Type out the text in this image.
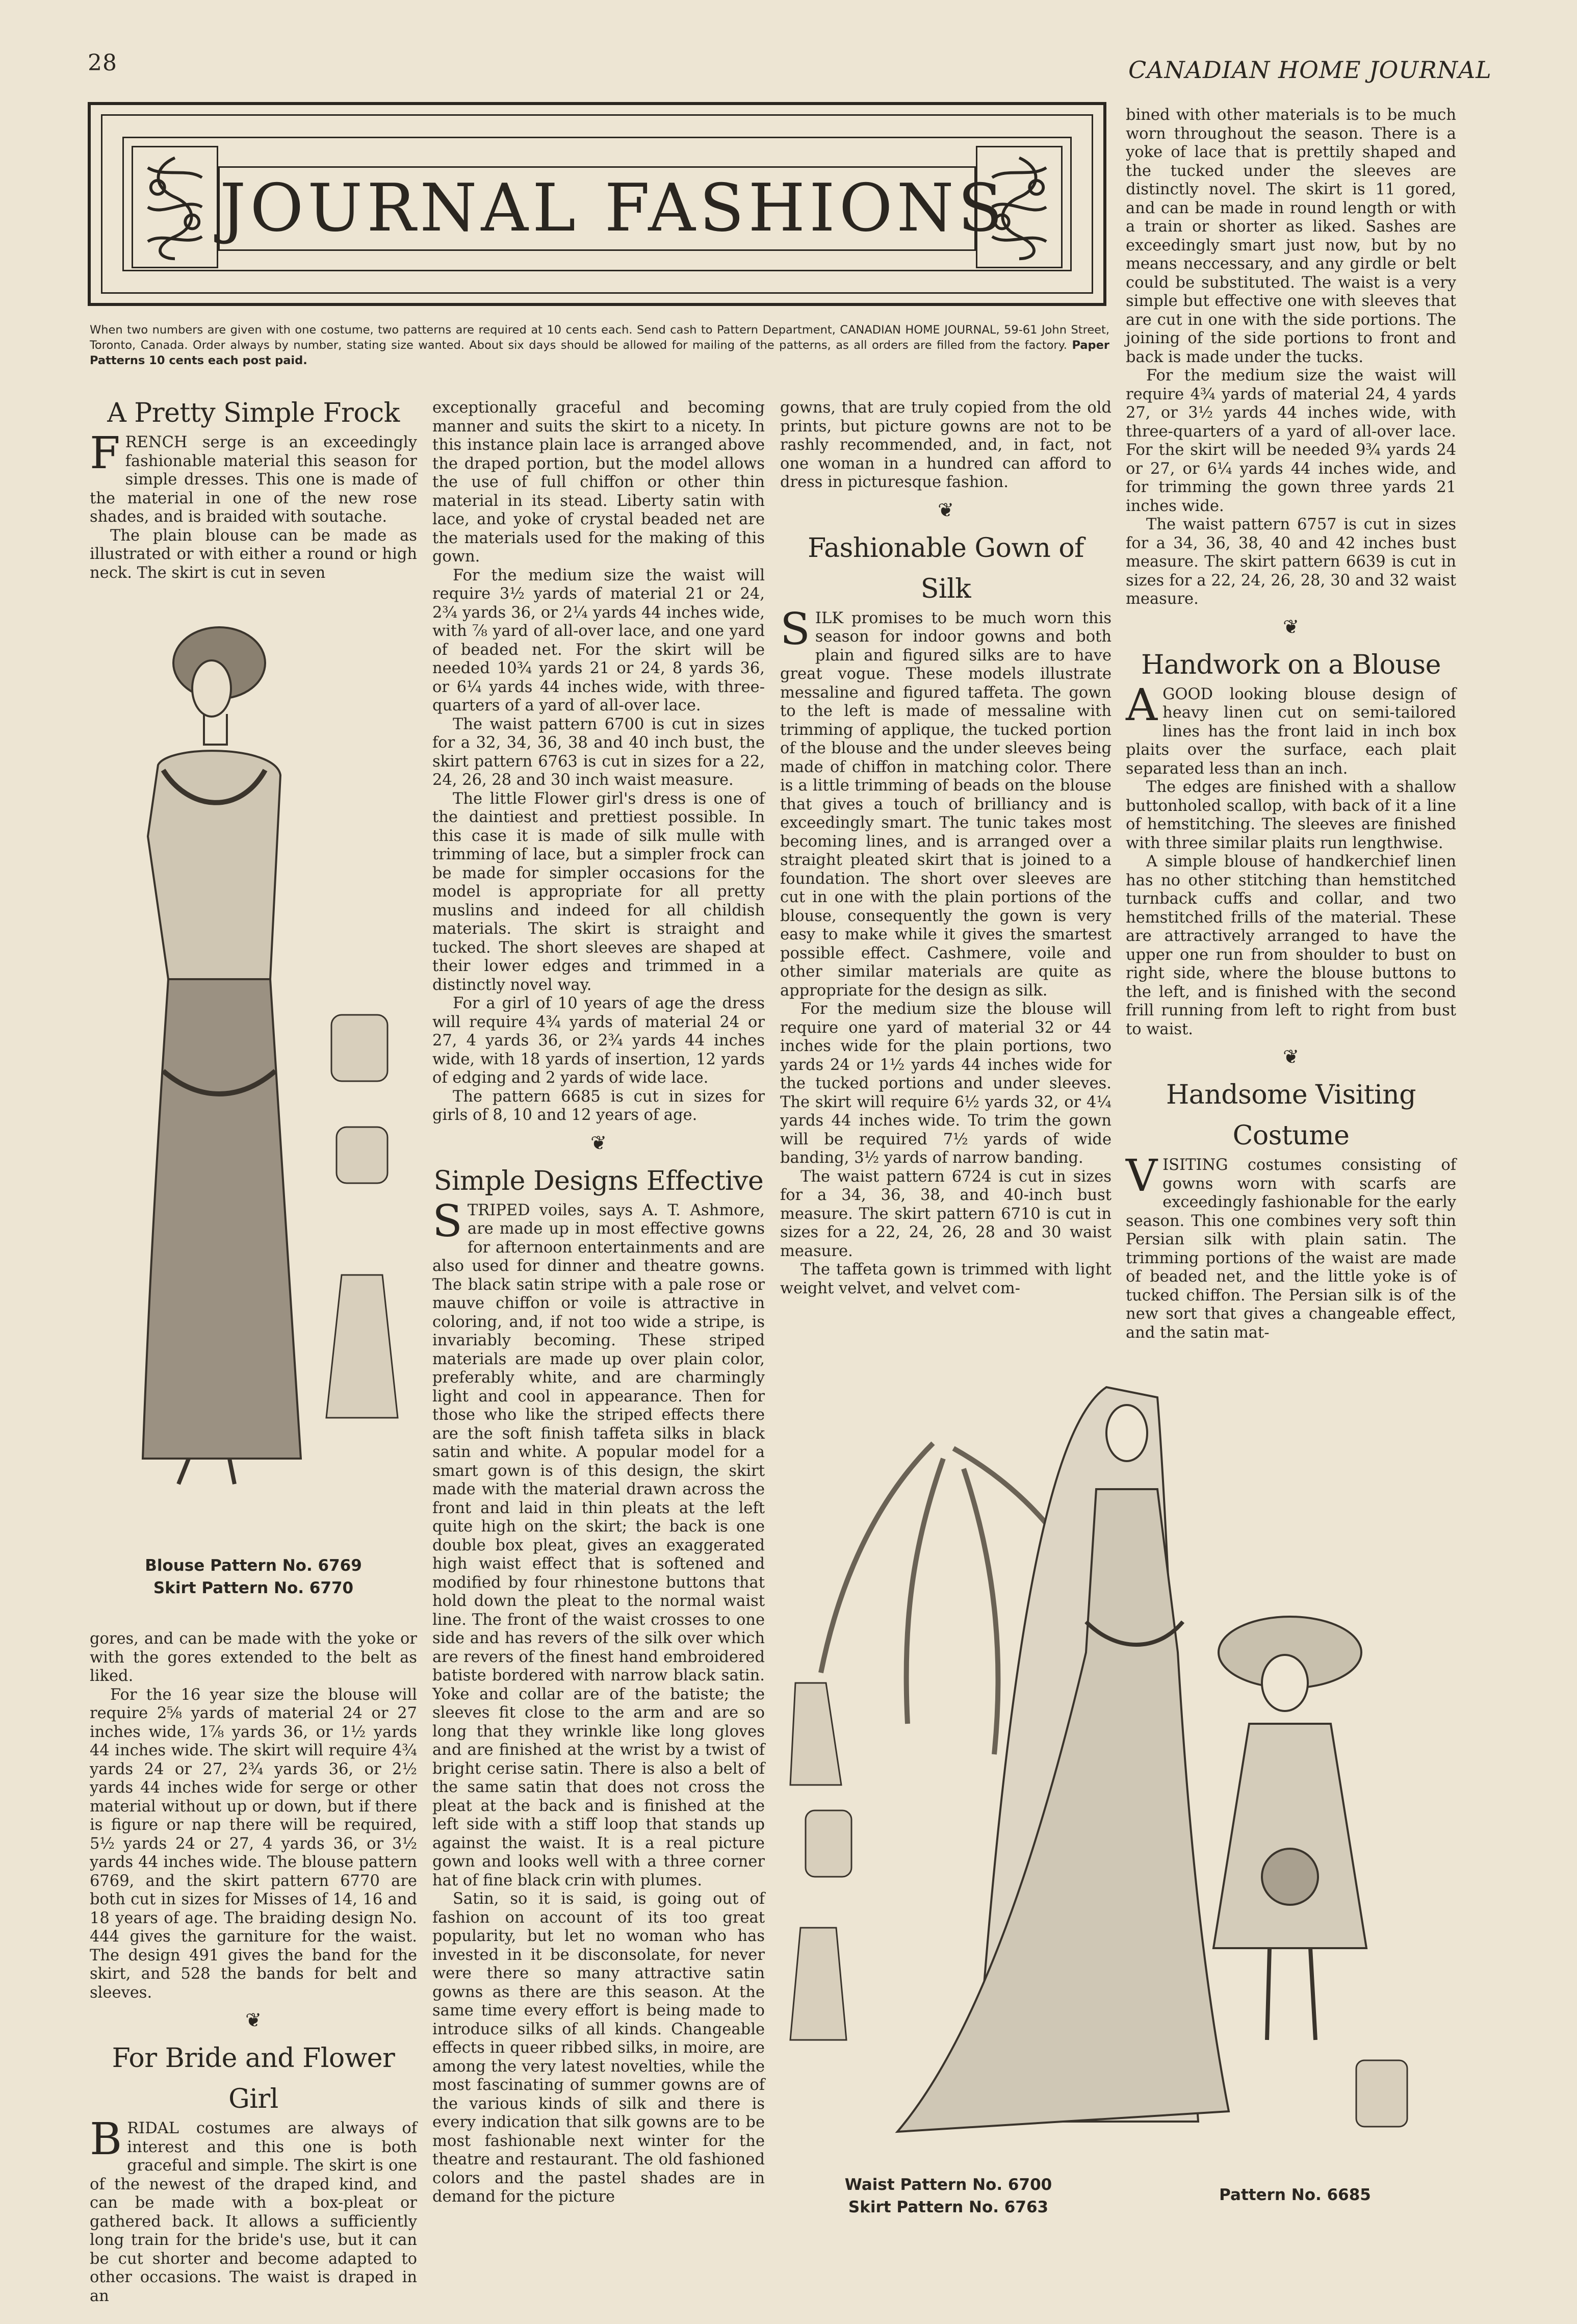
28	CANADIAN HOME JOURNAL
JOURNAL FASHIONS
When two numbers are given with one costume, two patterns are required at 10 cents each. Send cash to Pattern Department, CANADIAN HOME JOURNAL, 59-61 John Street, Toronto, Canada. Order always by number, stating size wanted. About six days should be allowed for mailing of the patterns, as all orders are filled from the factory. Paper Patterns 10 cents each post paid.
A Pretty Simple Frock

FRENCH serge is an exceedingly fashionable material this season for simple dresses. This one is made of the material in one of the new rose shades, and is braided with soutache.

The plain blouse can be made as illustrated or with either a round or high neck. The skirt is cut in seven

Blouse Pattern No. 6769
Skirt Pattern No. 6770

gores, and can be made with the yoke or with the gores extended to the belt as liked.

For the 16 year size the blouse will require 2⅝ yards of material 24 or 27 inches wide, 1⅞ yards 36, or 1½ yards 44 inches wide. The skirt will require 4¾ yards 24 or 27, 2¾ yards 36, or 2½ yards 44 inches wide for serge or other material without up or down, but if there is figure or nap there will be required, 5½ yards 24 or 27, 4 yards 36, or 3½ yards 44 inches wide. The blouse pattern 6769, and the skirt pattern 6770 are both cut in sizes for Misses of 14, 16 and 18 years of age. The braiding design No. 444 gives the garniture for the waist. The design 491 gives the band for the skirt, and 528 the bands for belt and sleeves.

❦
For Bride and Flower Girl

BRIDAL costumes are always of interest and this one is both graceful and simple. The skirt is one of the newest of the draped kind, and can be made with a box-pleat or gathered back. It allows a sufficiently long train for the bride's use, but it can be cut shorter and become adapted to other occasions. The waist is draped in an

exceptionally graceful and becoming manner and suits the skirt to a nicety. In this instance plain lace is arranged above the draped portion, but the model allows the use of full chiffon or other thin material in its stead. Liberty satin with lace, and yoke of crystal beaded net are the materials used for the making of this gown.

For the medium size the waist will require 3½ yards of material 21 or 24, 2¾ yards 36, or 2¼ yards 44 inches wide, with ⅞ yard of all-over lace, and one yard of beaded net. For the skirt will be needed 10¾ yards 21 or 24, 8 yards 36, or 6¼ yards 44 inches wide, with three-quarters of a yard of all-over lace.

The waist pattern 6700 is cut in sizes for a 32, 34, 36, 38 and 40 inch bust, the skirt pattern 6763 is cut in sizes for a 22, 24, 26, 28 and 30 inch waist measure.

The little Flower girl's dress is one of the daintiest and prettiest possible. In this case it is made of silk mulle with trimming of lace, but a simpler frock can be made for simpler occasions for the model is appropriate for all pretty muslins and indeed for all childish materials. The skirt is straight and tucked. The short sleeves are shaped at their lower edges and trimmed in a distinctly novel way.

For a girl of 10 years of age the dress will require 4¾ yards of material 24 or 27, 4 yards 36, or 2¾ yards 44 inches wide, with 18 yards of insertion, 12 yards of edging and 2 yards of wide lace.

The pattern 6685 is cut in sizes for girls of 8, 10 and 12 years of age.

❦
Simple Designs Effective

STRIPED voiles, says A. T. Ashmore, are made up in most effective gowns for afternoon entertainments and are also used for dinner and theatre gowns. The black satin stripe with a pale rose or mauve chiffon or voile is attractive in coloring, and, if not too wide a stripe, is invariably becoming. These striped materials are made up over plain color, preferably white, and are charmingly light and cool in appearance. Then for those who like the striped effects there are the soft finish taffeta silks in black satin and white. A popular model for a smart gown is of this design, the skirt made with the material drawn across the front and laid in thin pleats at the left quite high on the skirt; the back is one double box pleat, gives an exaggerated high waist effect that is softened and modified by four rhinestone buttons that hold down the pleat to the normal waist line. The front of the waist crosses to one side and has revers of the silk over which are revers of the finest hand embroidered batiste bordered with narrow black satin. Yoke and collar are of the batiste; the sleeves fit close to the arm and are so long that they wrinkle like long gloves and are finished at the wrist by a twist of bright cerise satin. There is also a belt of the same satin that does not cross the pleat at the back and is finished at the left side with a stiff loop that stands up against the waist. It is a real picture gown and looks well with a three corner hat of fine black crin with plumes.

Satin, so it is said, is going out of fashion on account of its too great popularity, but let no woman who has invested in it be disconsolate, for never were there so many attractive satin gowns as there are this season. At the same time every effort is being made to introduce silks of all kinds. Changeable effects in queer ribbed silks, in moire, are among the very latest novelties, while the most fascinating of summer gowns are of the various kinds of silk and there is every indication that silk gowns are to be most fashionable next winter for the theatre and restaurant. The old fashioned colors and the pastel shades are in demand for the picture

gowns, that are truly copied from the old prints, but picture gowns are not to be rashly recommended, and, in fact, not one woman in a hundred can afford to dress in picturesque fashion.

❦
Fashionable Gown of Silk

SILK promises to be much worn this season for indoor gowns and both plain and figured silks are to have great vogue. These models illustrate messaline and figured taffeta. The gown to the left is made of messaline with trimming of applique, the tucked portion of the blouse and the under sleeves being made of chiffon in matching color. There is a little trimming of beads on the blouse that gives a touch of brilliancy and is exceedingly smart. The tunic takes most becoming lines, and is arranged over a straight pleated skirt that is joined to a foundation. The short over sleeves are cut in one with the plain portions of the blouse, consequently the gown is very easy to make while it gives the smartest possible effect. Cashmere, voile and other similar materials are quite as appropriate for the design as silk.

For the medium size the blouse will require one yard of material 32 or 44 inches wide for the plain portions, two yards 24 or 1½ yards 44 inches wide for the tucked portions and under sleeves. The skirt will require 6½ yards 32, or 4¼ yards 44 inches wide. To trim the gown will be required 7½ yards of wide banding, 3½ yards of narrow banding.

The waist pattern 6724 is cut in sizes for a 34, 36, 38, and 40-inch bust measure. The skirt pattern 6710 is cut in sizes for a 22, 24, 26, 28 and 30 waist measure.

The taffeta gown is trimmed with light weight velvet, and velvet com-

bined with other materials is to be much worn throughout the season. There is a yoke of lace that is prettily shaped and the tucked under the sleeves are distinctly novel. The skirt is 11 gored, and can be made in round length or with a train or shorter as liked. Sashes are exceedingly smart just now, but by no means neccessary, and any girdle or belt could be substituted. The waist is a very simple but effective one with sleeves that are cut in one with the side portions. The joining of the side portions to front and back is made under the tucks.

For the medium size the waist will require 4¾ yards of material 24, 4 yards 27, or 3½ yards 44 inches wide, with three-quarters of a yard of all-over lace. For the skirt will be needed 9¾ yards 24 or 27, or 6¼ yards 44 inches wide, and for trimming the gown three yards 21 inches wide.

The waist pattern 6757 is cut in sizes for a 34, 36, 38, 40 and 42 inches bust measure. The skirt pattern 6639 is cut in sizes for a 22, 24, 26, 28, 30 and 32 waist measure.

❦
Handwork on a Blouse

AGOOD looking blouse design of heavy linen cut on semi-tailored lines has the front laid in inch box plaits over the surface, each plait separated less than an inch.

The edges are finished with a shallow buttonholed scallop, with back of it a line of hemstitching. The sleeves are finished with three similar plaits run lengthwise.

A simple blouse of handkerchief linen has no other stitching than hemstitched turnback cuffs and collar, and two hemstitched frills of the material. These are attractively arranged to have the upper one run from shoulder to bust on right side, where the blouse buttons to the left, and is finished with the second frill running from left to right from bust to waist.

❦
Handsome Visiting Costume

VISITING costumes consisting of gowns worn with scarfs are exceedingly fashionable for the early season. This one combines very soft thin Persian silk with plain satin. The trimming portions of the waist are made of beaded net, and the little yoke is of tucked chiffon. The Persian silk is of the new sort that gives a changeable effect, and the satin mat-

Waist Pattern No. 6700
Skirt Pattern No. 6763
Pattern No. 6685
